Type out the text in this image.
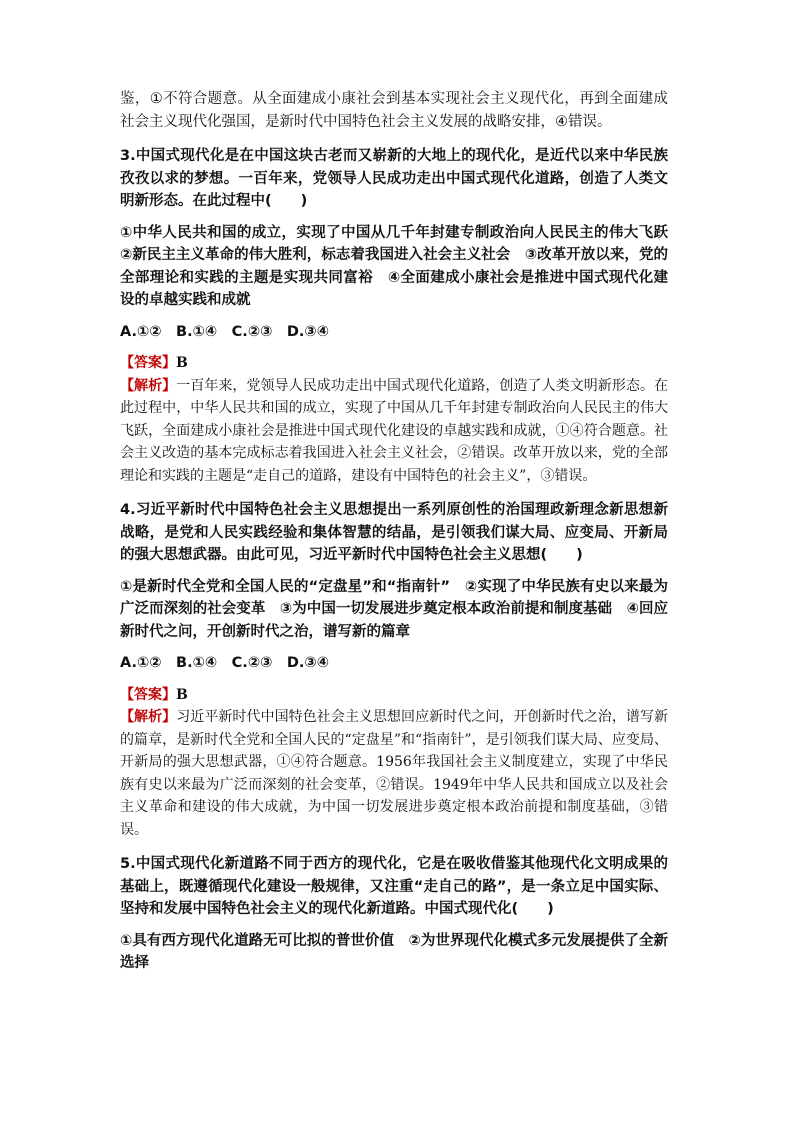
鉴，①不符合题意。从全面建成小康社会到基本实现社会主义现代化，再到全面建成社会主义现代化强国，是新时代中国特色社会主义发展的战略安排，④错误。

3.中国式现代化是在中国这块古老而又崭新的大地上的现代化，是近代以来中华民族孜孜以求的梦想。一百年来，党领导人民成功走出中国式现代化道路，创造了人类文明新形态。在此过程中(　　)

①中华人民共和国的成立，实现了中国从几千年封建专制政治向人民民主的伟大飞跃　②新民主主义革命的伟大胜利，标志着我国进入社会主义社会　③改革开放以来，党的全部理论和实践的主题是实现共同富裕　④全面建成小康社会是推进中国式现代化建设的卓越实践和成就

A.①②　B.①④　C.②③　D.③④

【答案】B

【解析】一百年来，党领导人民成功走出中国式现代化道路，创造了人类文明新形态。在此过程中，中华人民共和国的成立，实现了中国从几千年封建专制政治向人民民主的伟大飞跃，全面建成小康社会是推进中国式现代化建设的卓越实践和成就，①④符合题意。社会主义改造的基本完成标志着我国进入社会主义社会，②错误。改革开放以来，党的全部理论和实践的主题是“走自己的道路，建设有中国特色的社会主义”，③错误。

4.习近平新时代中国特色社会主义思想提出一系列原创性的治国理政新理念新思想新战略，是党和人民实践经验和集体智慧的结晶，是引领我们谋大局、应变局、开新局的强大思想武器。由此可见，习近平新时代中国特色社会主义思想(　　)

①是新时代全党和全国人民的“定盘星”和“指南针”　②实现了中华民族有史以来最为广泛而深刻的社会变革　③为中国一切发展进步奠定根本政治前提和制度基础　④回应新时代之问，开创新时代之治，谱写新的篇章

A.①②　B.①④　C.②③　D.③④

【答案】B

【解析】习近平新时代中国特色社会主义思想回应新时代之问，开创新时代之治，谱写新的篇章，是新时代全党和全国人民的“定盘星”和“指南针”，是引领我们谋大局、应变局、开新局的强大思想武器，①④符合题意。1956年我国社会主义制度建立，实现了中华民族有史以来最为广泛而深刻的社会变革，②错误。1949年中华人民共和国成立以及社会主义革命和建设的伟大成就，为中国一切发展进步奠定根本政治前提和制度基础，③错误。

5.中国式现代化新道路不同于西方的现代化，它是在吸收借鉴其他现代化文明成果的基础上，既遵循现代化建设一般规律，又注重“走自己的路”，是一条立足中国实际、坚持和发展中国特色社会主义的现代化新道路。中国式现代化(　　)

①具有西方现代化道路无可比拟的普世价值　②为世界现代化模式多元发展提供了全新选择
